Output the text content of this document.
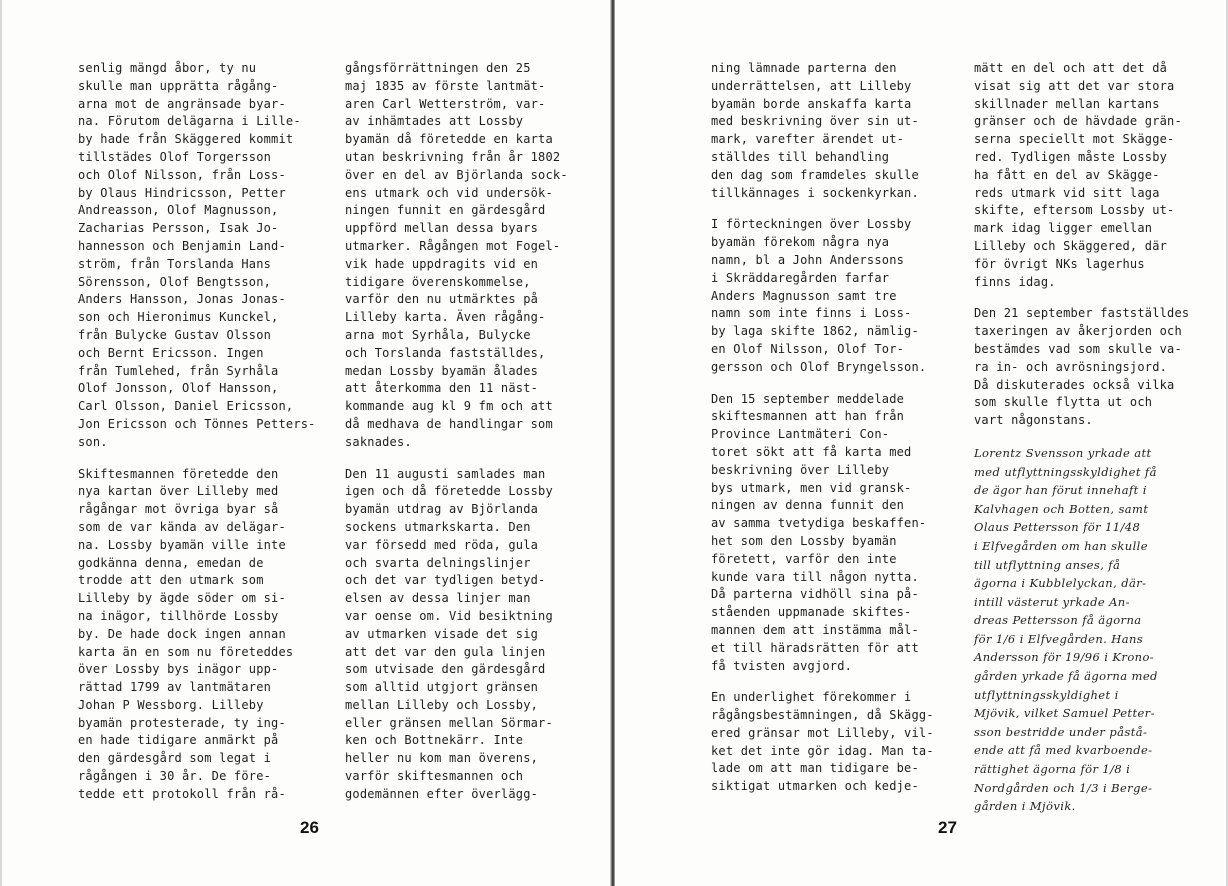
senlig mängd åbor, ty nu
skulle man upprätta rågång-
arna mot de angränsade byar-
na. Förutom delägarna i Lille-
by hade från Skäggered kommit
tillstädes Olof Torgersson
och Olof Nilsson, från Loss-
by Olaus Hindricsson, Petter
Andreasson, Olof Magnusson,
Zacharias Persson, Isak Jo-
hannesson och Benjamin Land-
ström, från Torslanda Hans
Sörensson, Olof Bengtsson,
Anders Hansson, Jonas Jonas-
son och Hieronimus Kunckel,
från Bulycke Gustav Olsson
och Bernt Ericsson. Ingen
från Tumlehed, från Syrhåla
Olof Jonsson, Olof Hansson,
Carl Olsson, Daniel Ericsson,
Jon Ericsson och Tönnes Petters-
son.

Skiftesmannen företedde den
nya kartan över Lilleby med
rågångar mot övriga byar så
som de var kända av delägar-
na. Lossby byamän ville inte
godkänna denna, emedan de
trodde att den utmark som
Lilleby by ägde söder om si-
na inägor, tillhörde Lossby
by. De hade dock ingen annan
karta än en som nu företeddes
över Lossby bys inägor upp-
rättad 1799 av lantmätaren
Johan P Wessborg. Lilleby
byamän protesterade, ty ing-
en hade tidigare anmärkt på
den gärdesgård som legat i
rågången i 30 år. De före-
tedde ett protokoll från rå-

gångsförrättningen den 25
maj 1835 av förste lantmät-
aren Carl Wetterström, var-
av inhämtades att Lossby
byamän då företedde en karta
utan beskrivning från år 1802
över en del av Björlanda sock-
ens utmark och vid undersök-
ningen funnit en gärdesgård
uppförd mellan dessa byars
utmarker. Rågången mot Fogel-
vik hade uppdragits vid en
tidigare överenskommelse,
varför den nu utmärktes på
Lilleby karta. Även rågång-
arna mot Syrhåla, Bulycke
och Torslanda fastställdes,
medan Lossby byamän ålades
att återkomma den 11 näst-
kommande aug kl 9 fm och att
då medhava de handlingar som
saknades.

Den 11 augusti samlades man
igen och då företedde Lossby
byamän utdrag av Björlanda
sockens utmarkskarta. Den
var försedd med röda, gula
och svarta delningslinjer
och det var tydligen betyd-
elsen av dessa linjer man
var oense om. Vid besiktning
av utmarken visade det sig
att det var den gula linjen
som utvisade den gärdesgård
som alltid utgjort gränsen
mellan Lilleby och Lossby,
eller gränsen mellan Sörmar-
ken och Bottnekärr. Inte
heller nu kom man överens,
varför skiftesmannen och
godemännen efter överlägg-

26

ning lämnade parterna den
underrättelsen, att Lilleby
byamän borde anskaffa karta
med beskrivning över sin ut-
mark, varefter ärendet ut-
ställdes till behandling
den dag som framdeles skulle
tillkännages i sockenkyrkan.

I förteckningen över Lossby
byamän förekom några nya
namn, bl a John Anderssons
i Skräddaregården farfar
Anders Magnusson samt tre
namn som inte finns i Loss-
by laga skifte 1862, nämlig-
en Olof Nilsson, Olof Tor-
gersson och Olof Bryngelsson.

Den 15 september meddelade
skiftesmannen att han från
Province Lantmäteri Con-
toret sökt att få karta med
beskrivning över Lilleby
bys utmark, men vid gransk-
ningen av denna funnit den
av samma tvetydiga beskaffen-
het som den Lossby byamän
företett, varför den inte
kunde vara till någon nytta.
Då parterna vidhöll sina på-
ståenden uppmanade skiftes-
mannen dem att instämma mål-
et till häradsrätten för att
få tvisten avgjord.

En underlighet förekommer i
rågångsbestämningen, då Skägg-
ered gränsar mot Lilleby, vil-
ket det inte gör idag. Man ta-
lade om att man tidigare be-
siktigat utmarken och kedje-

mätt en del och att det då
visat sig att det var stora
skillnader mellan kartans
gränser och de hävdade grän-
serna speciellt mot Skägge-
red. Tydligen måste Lossby
ha fått en del av Skägge-
reds utmark vid sitt laga
skifte, eftersom Lossby ut-
mark idag ligger emellan
Lilleby och Skäggered, där
för övrigt NKs lagerhus
finns idag.

Den 21 september fastställdes
taxeringen av åkerjorden och
bestämdes vad som skulle va-
ra in- och avrösningsjord.
Då diskuterades också vilka
som skulle flytta ut och
vart någonstans.

Lorentz Svensson yrkade att
med utflyttningsskyldighet få
de ägor han förut innehaft i
Kalvhagen och Botten, samt
Olaus Pettersson för 11/48
i Elfvegården om han skulle
till utflyttning anses, få
ägorna i Kubblelyckan, där-
intill västerut yrkade An-
dreas Pettersson få ägorna
för 1/6 i Elfvegården. Hans
Andersson för 19/96 i Krono-
gården yrkade få ägorna med
utflyttningsskyldighet i
Mjövik, vilket Samuel Petter-
sson bestridde under påstå-
ende att få med kvarboende-
rättighet ägorna för 1/8 i
Nordgården och 1/3 i Berge-
gården i Mjövik.

27
